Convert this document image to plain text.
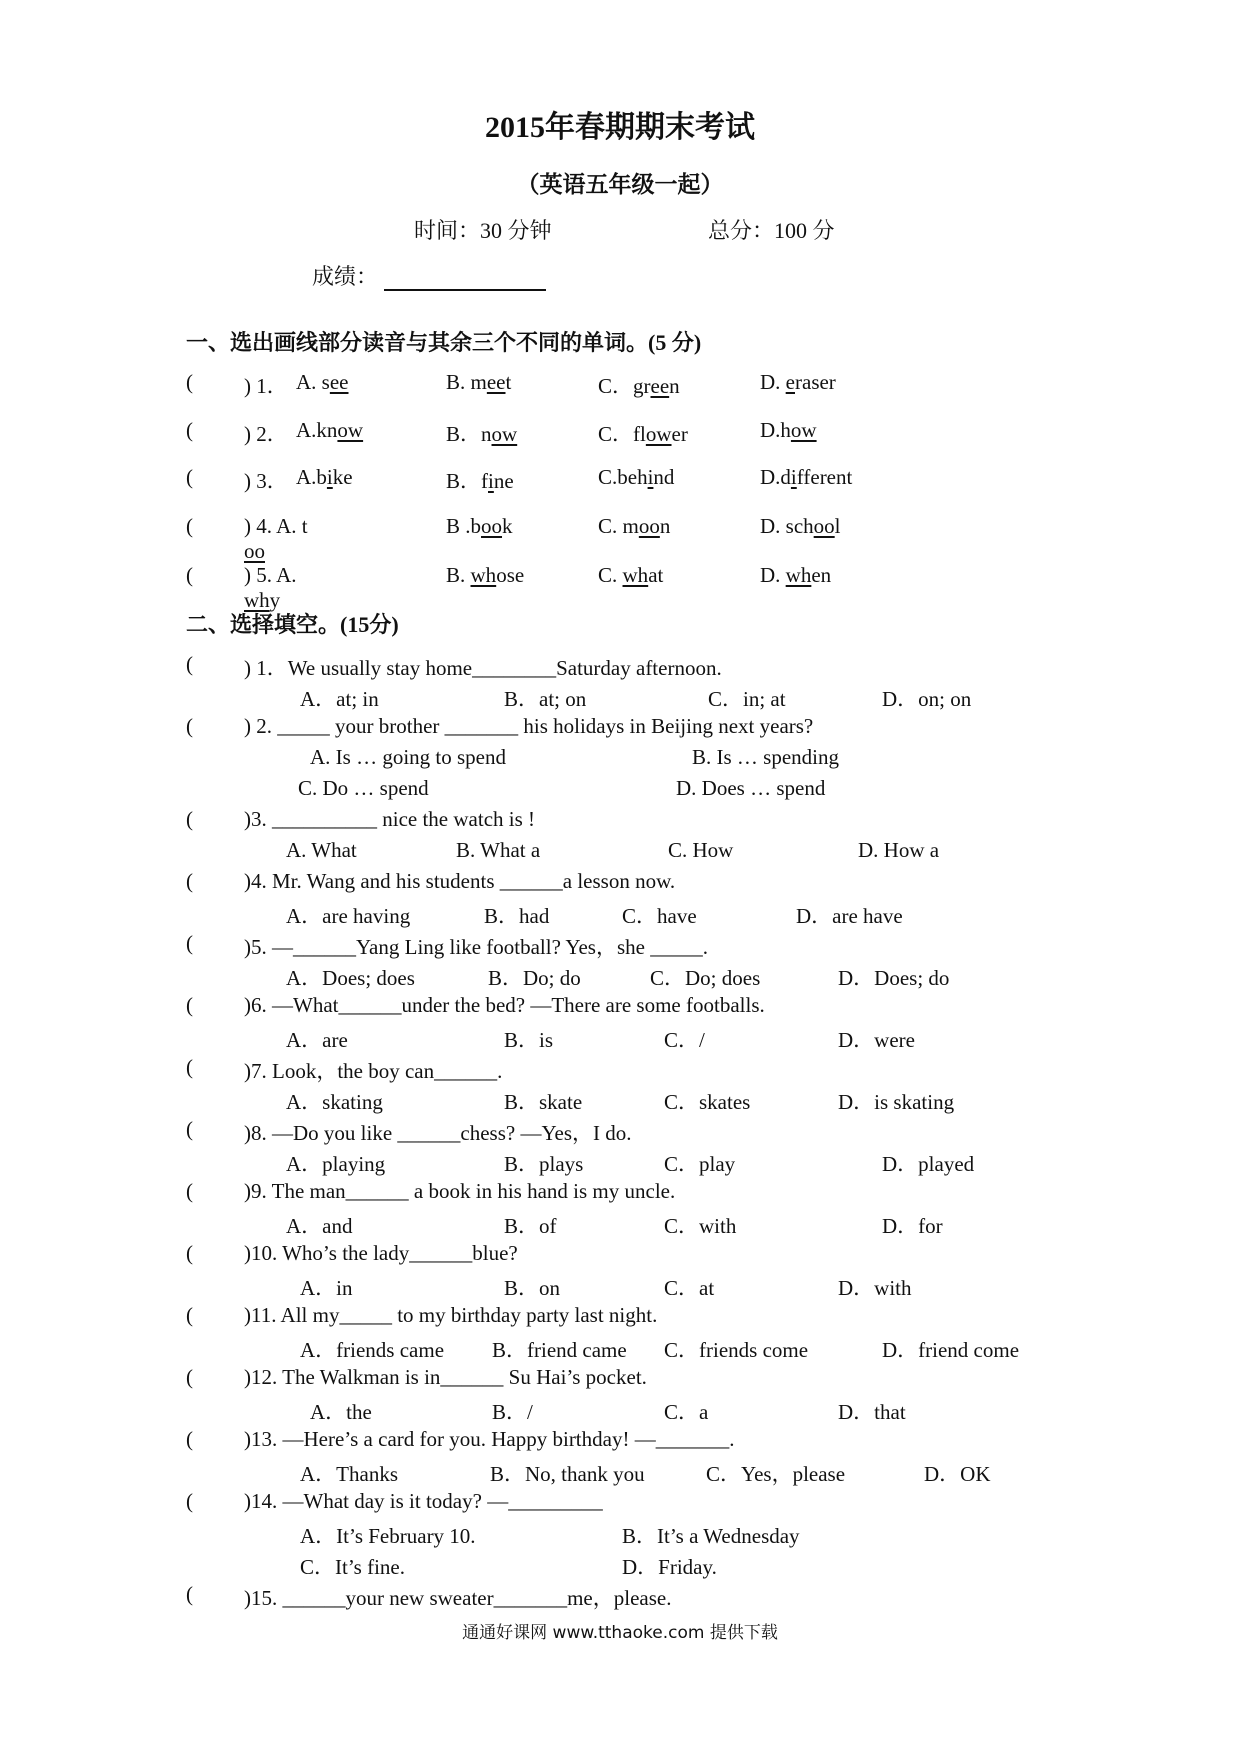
2015年春期期末考试
（英语五年级一起）
时间：30 分钟	总分：100 分
成绩：
一、选出画线部分读音与其余三个不同的单词。(5 分)
( ) 1． A. see	B. meet	C．green	D. eraser
( ) 2． A.know	B．now	C．flower	D.how
( ) 3． A.bike	B．fine	C.behind	D.different
( ) 4. A. t
oo
B .book	C. moon	D. school
( ) 5. A.
why
B. whose	C. what	D. when
二、选择填空。(15分)
( ) 1．We usually stay home________Saturday afternoon.
A．at; in	B．at; on	C．in; at	D．on; on
( ) 2. _____ your brother _______ his holidays in Beijing next years?
A. Is … going to spend	B. Is … spending
C. Do … spend	D. Does … spend
( )3. __________ nice the watch is !
A. What	B. What a	C. How	D. How a
( )4. Mr. Wang and his students ______a lesson now.
A．are having	B．had	C．have	D．are have
( )5. —______Yang Ling like football? Yes，she _____.
A．Does; does	B．Do; do	C．Do; does	D．Does; do
( )6. —What______under the bed? —There are some footballs.
A．are	B．is	C．/	D．were
( )7. Look，the boy can______.
A．skating	B．skate	C．skates	D．is skating
( )8. —Do you like ______chess? —Yes，I do.
A．playing	B．plays	C．play	D．played
( )9. The man______ a book in his hand is my uncle.
A．and	B．of	C．with	D．for
( )10. Who’s the lady______blue?
A．in	B．on	C．at	D．with
( )11. All my_____ to my birthday party last night.
A．friends came B．friend came C．friends come	D．friend come
( )12. The Walkman is in______ Su Hai’s pocket.
A．the	B．/	C．a	D．that
( )13. —Here’s a card for you. Happy birthday! —_______.
A．Thanks	B．No, thank you	C．Yes，please	D．OK
( )14. —What day is it today? —_________
A．It’s February 10.	B．It’s a Wednesday
C．It’s fine.	D．Friday.
( )15. ______your new sweater_______me，please.
通通好课网 www.tthaoke.com 提供下载
